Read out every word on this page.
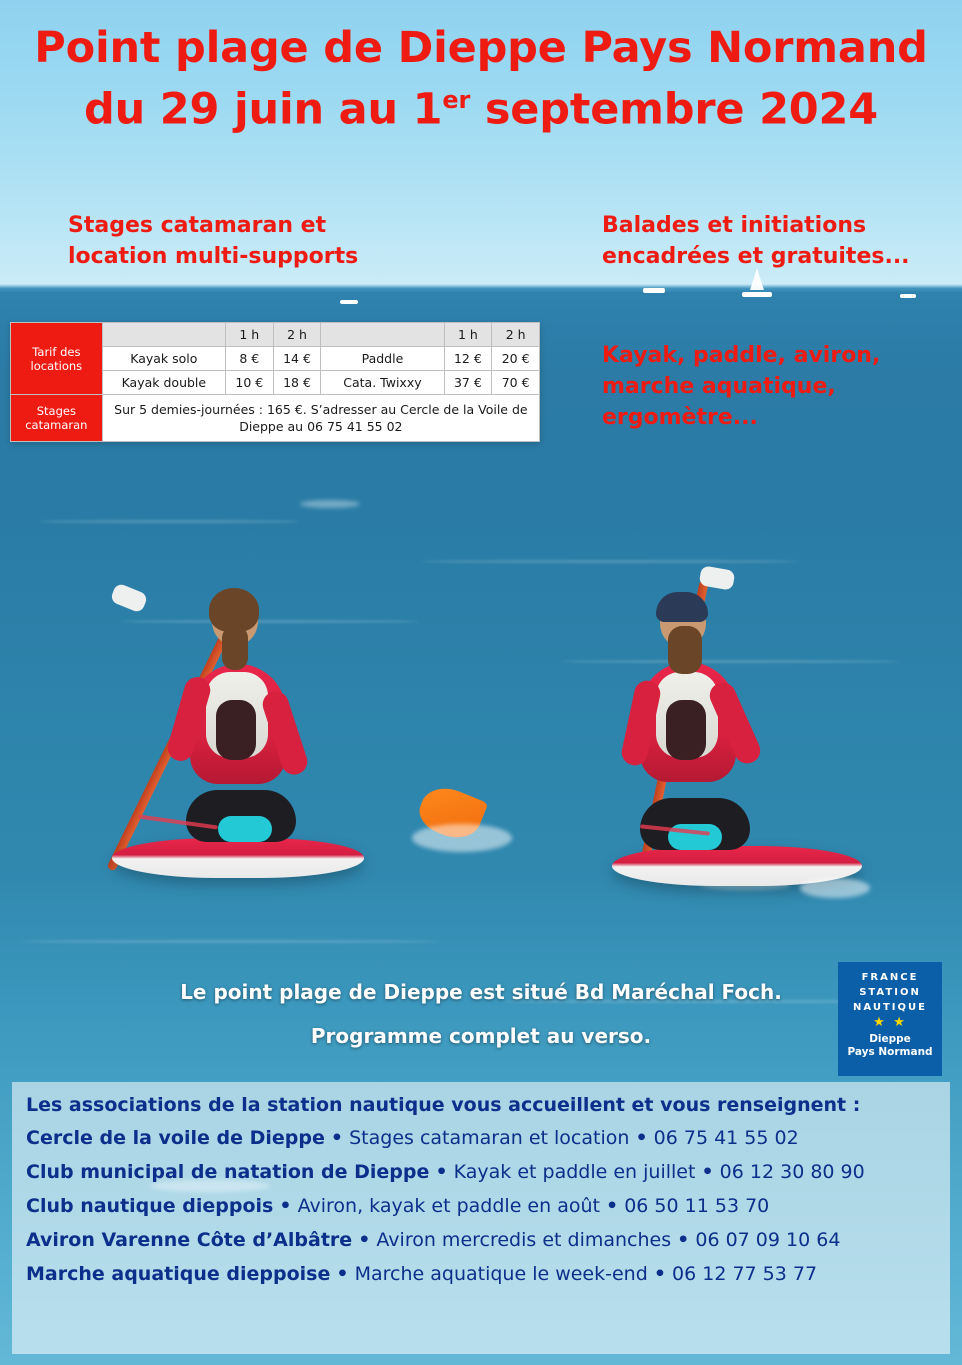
Point plage de Dieppe Pays Normand
du 29 juin au 1er septembre 2024
Stages catamaran et location multi-supports
Balades et initiations encadrées et gratuites...
Kayak, paddle, aviron, marche aquatique, ergomètre...
Tarif des locations		1 h	2 h		1 h	2 h
	Kayak solo	8 €	14 €	Paddle	12 €	20 €
	Kayak double	10 €	18 €	Cata. Twixxy	37 €	70 €
Stages catamaran	Sur 5 demies-journées : 165 €. S’adresser au Cercle de la Voile de Dieppe au 06 75 41 55 02					
Le point plage de Dieppe est situé Bd Maréchal Foch.
Programme complet au verso.
FRANCE
STATION
NAUTIQUE
★ ★
Dieppe
Pays Normand
Les associations de la station nautique vous accueillent et vous renseignent :
Cercle de la voile de Dieppe • Stages catamaran et location • 06 75 41 55 02
Club municipal de natation de Dieppe • Kayak et paddle en juillet • 06 12 30 80 90
Club nautique dieppois • Aviron, kayak et paddle en août • 06 50 11 53 70
Aviron Varenne Côte d’Albâtre • Aviron mercredis et dimanches • 06 07 09 10 64
Marche aquatique dieppoise • Marche aquatique le week-end • 06 12 77 53 77
